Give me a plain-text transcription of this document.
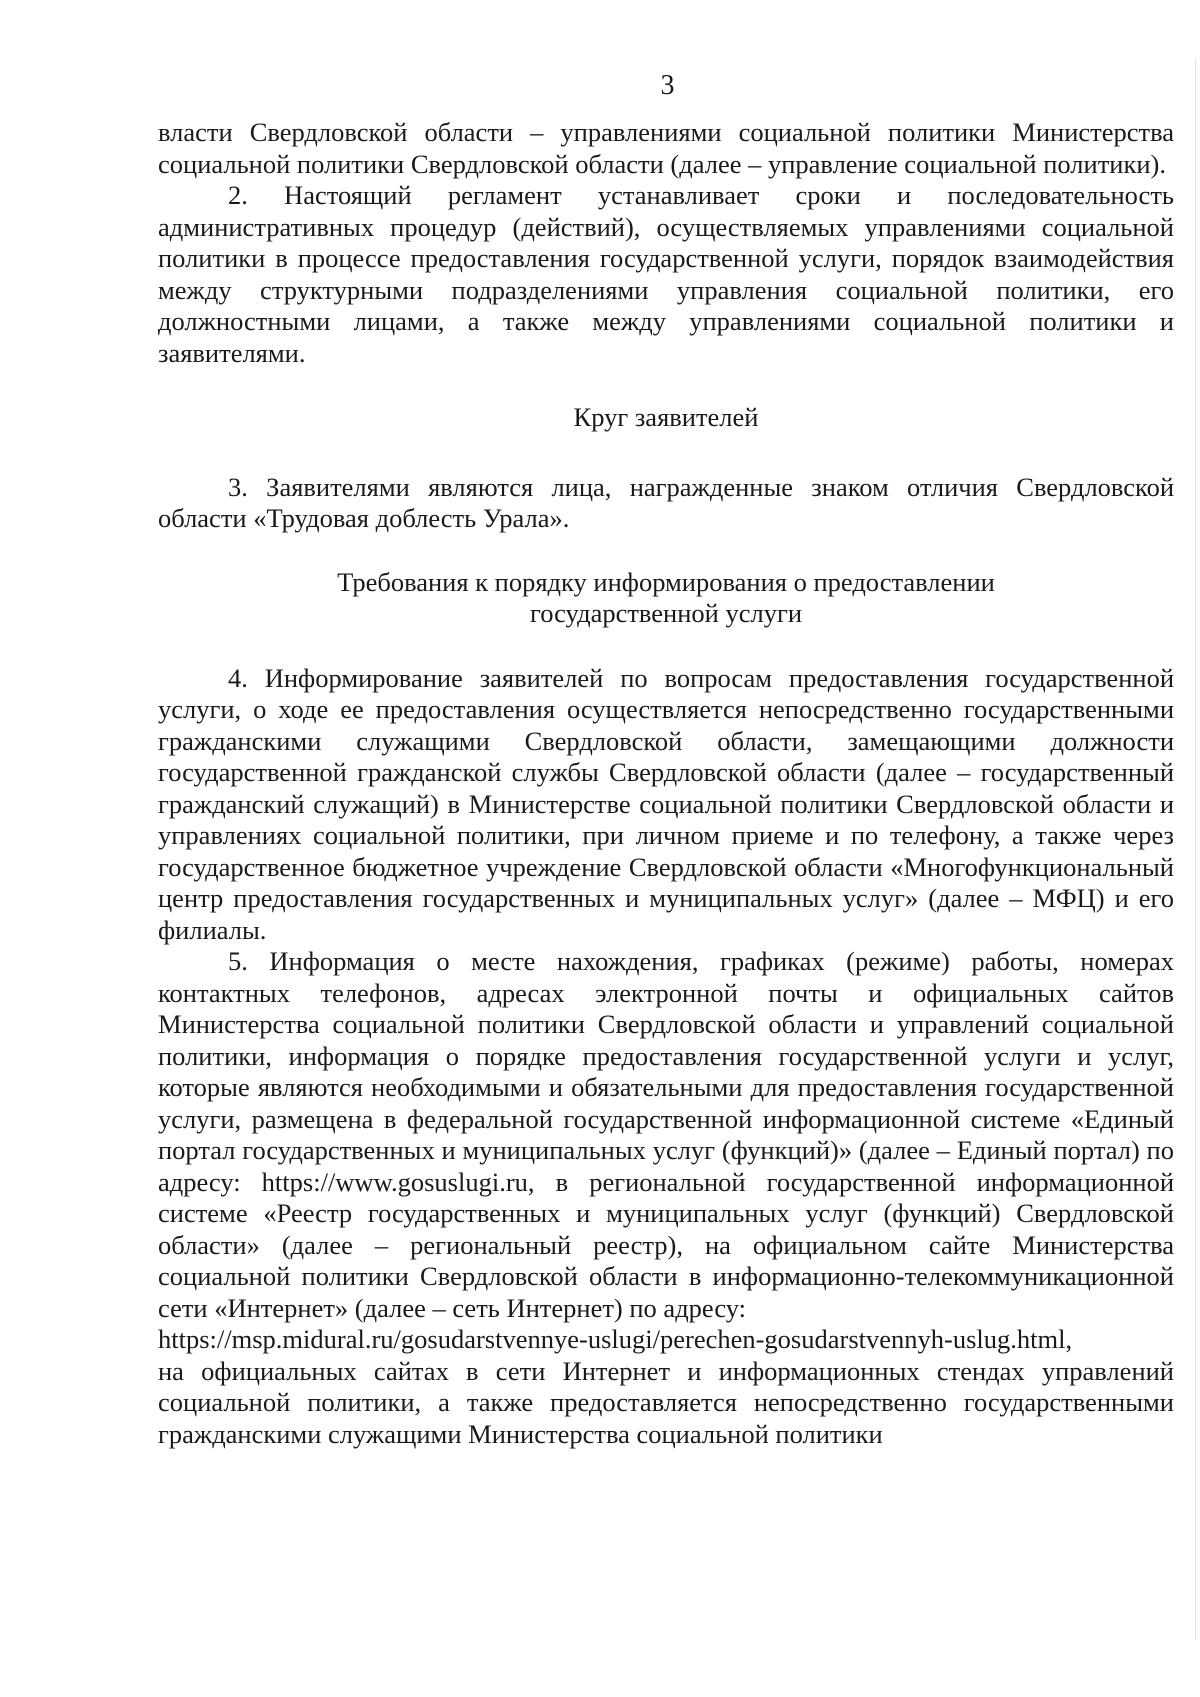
3

власти Свердловской области – управлениями социальной политики Министерства социальной политики Свердловской области (далее – управление социальной политики).

2. Настоящий регламент устанавливает сроки и последовательность административных процедур (действий), осуществляемых управлениями социальной политики в процессе предоставления государственной услуги, порядок взаимодействия между структурными подразделениями управления социальной политики, его должностными лицами, а также между управлениями социальной политики и заявителями.

Круг заявителей

3. Заявителями являются лица, награжденные знаком отличия Свердловской области «Трудовая доблесть Урала».

Требования к порядку информирования о предоставлении
государственной услуги

4. Информирование заявителей по вопросам предоставления государственной услуги, о ходе ее предоставления осуществляется непосредственно государственными гражданскими служащими Свердловской области, замещающими должности государственной гражданской службы Свердловской области (далее – государственный гражданский служащий) в Министерстве социальной политики Свердловской области и управлениях социальной политики, при личном приеме и по телефону, а также через государственное бюджетное учреждение Свердловской области «Многофункциональный центр предоставления государственных и муниципальных услуг» (далее – МФЦ) и его филиалы.

5. Информация о месте нахождения, графиках (режиме) работы, номерах контактных телефонов, адресах электронной почты и официальных сайтов Министерства социальной политики Свердловской области и управлений социальной политики, информация о порядке предоставления государственной услуги и услуг, которые являются необходимыми и обязательными для предоставления государственной услуги, размещена в федеральной государственной информационной системе «Единый портал государственных и муниципальных услуг (функций)» (далее – Единый портал) по адресу: https://www.gosuslugi.ru, в региональной государственной информационной системе «Реестр государственных и муниципальных услуг (функций) Свердловской области» (далее – региональный реестр), на официальном сайте Министерства социальной политики Свердловской области в информационно-телекоммуникационной сети «Интернет» (далее – сеть Интернет) по адресу:
https://msp.midural.ru/gosudarstvennye-uslugi/perechen-gosudarstvennyh-uslug.html,
на официальных сайтах в сети Интернет и информационных стендах управлений социальной политики, а также предоставляется непосредственно государственными гражданскими служащими Министерства социальной политики
